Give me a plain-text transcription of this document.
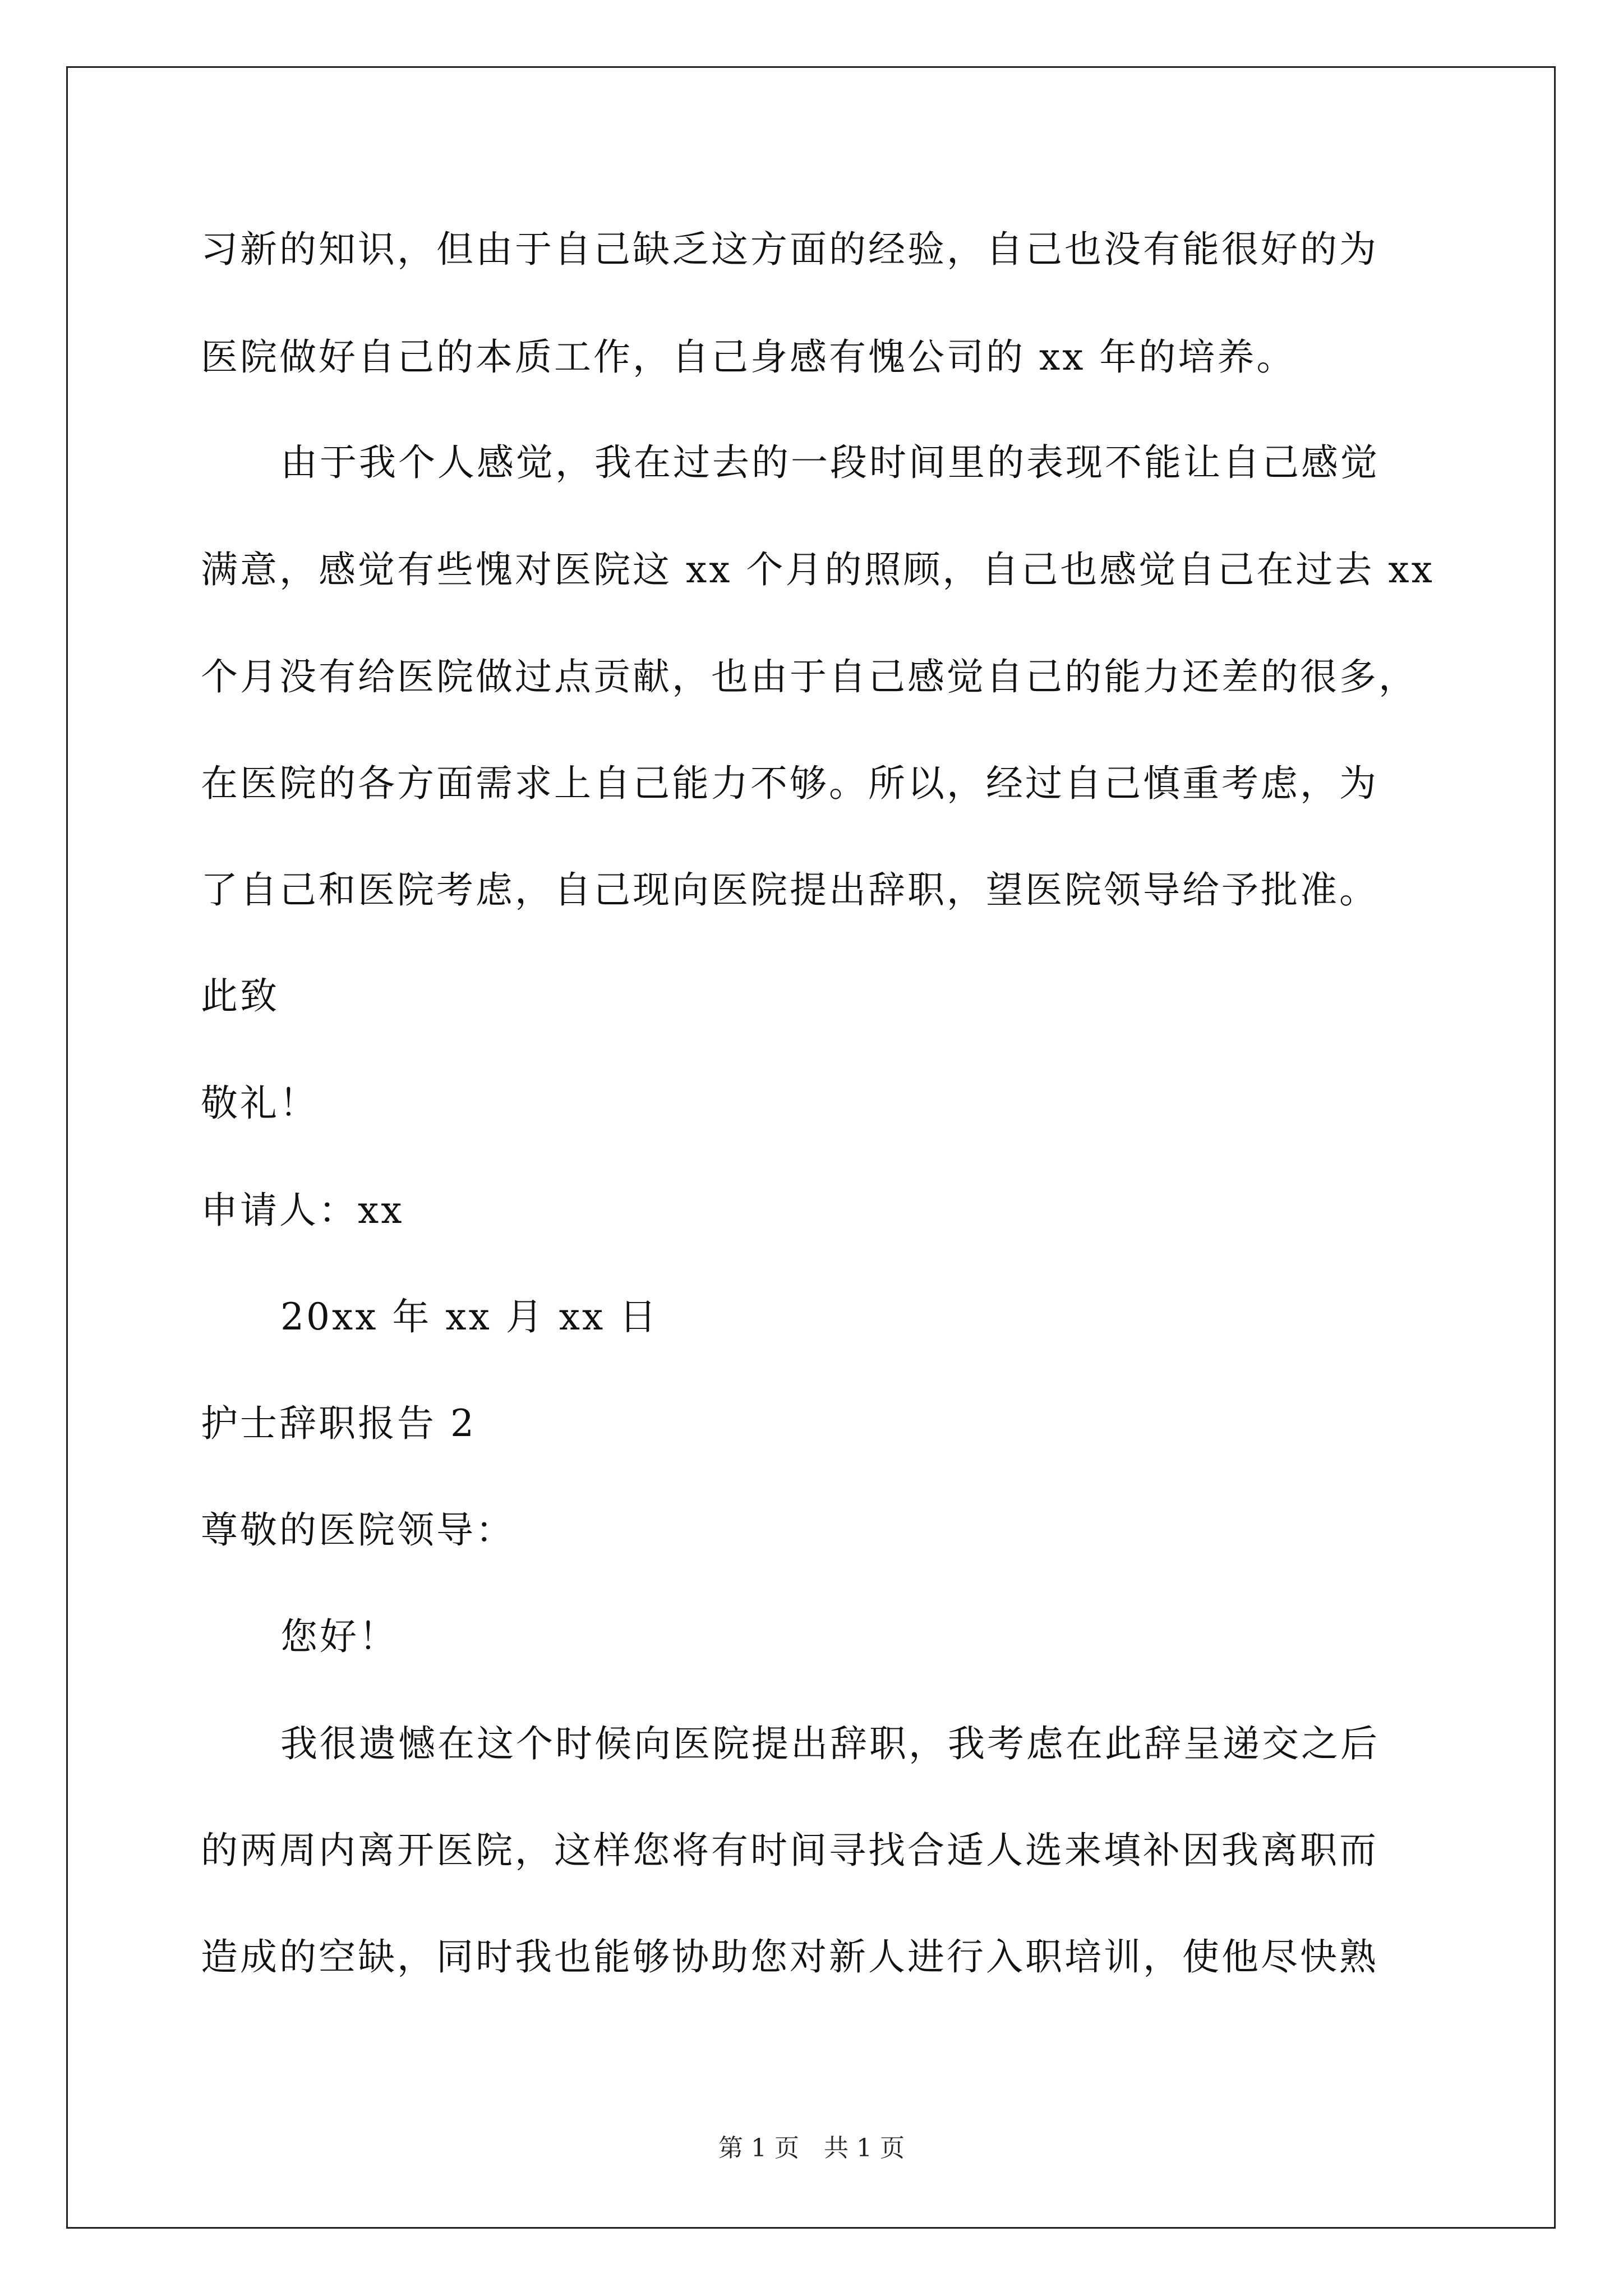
习新的知识，但由于自己缺乏这方面的经验，自己也没有能很好的为
医院做好自己的本质工作，自己身感有愧公司的 xx 年的培养。
由于我个人感觉，我在过去的一段时间里的表现不能让自己感觉
满意，感觉有些愧对医院这 xx 个月的照顾，自己也感觉自己在过去 xx
个月没有给医院做过点贡献，也由于自己感觉自己的能力还差的很多，
在医院的各方面需求上自己能力不够。所以，经过自己慎重考虑，为
了自己和医院考虑，自己现向医院提出辞职，望医院领导给予批准。
此致
敬礼！
申请人：xx
20xx 年 xx 月 xx 日
护士辞职报告 2
尊敬的医院领导：
您好！
我很遗憾在这个时候向医院提出辞职，我考虑在此辞呈递交之后
的两周内离开医院，这样您将有时间寻找合适人选来填补因我离职而
造成的空缺，同时我也能够协助您对新人进行入职培训，使他尽快熟
第 1 页　共 1 页
